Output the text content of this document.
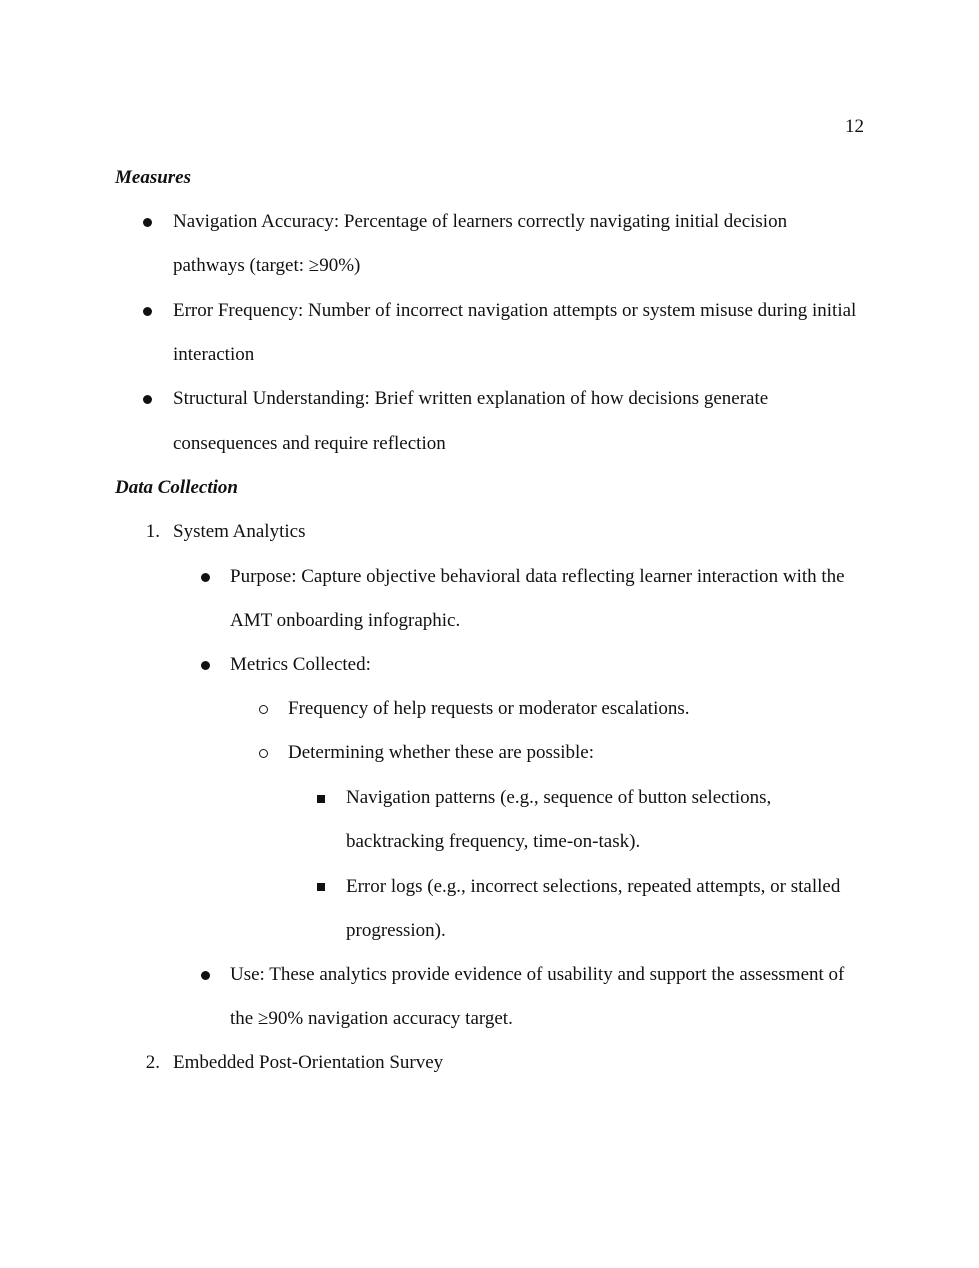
12
Measures
Navigation Accuracy: Percentage of learners correctly navigating initial decision
pathways (target: ≥90%)
Error Frequency: Number of incorrect navigation attempts or system misuse during initial
interaction
Structural Understanding: Brief written explanation of how decisions generate
consequences and require reflection
Data Collection
1. System Analytics
Purpose: Capture objective behavioral data reflecting learner interaction with the
AMT onboarding infographic.
Metrics Collected:
Frequency of help requests or moderator escalations.
Determining whether these are possible:
Navigation patterns (e.g., sequence of button selections,
backtracking frequency, time-on-task).
Error logs (e.g., incorrect selections, repeated attempts, or stalled
progression).
Use: These analytics provide evidence of usability and support the assessment of
the ≥90% navigation accuracy target.
2. Embedded Post-Orientation Survey
